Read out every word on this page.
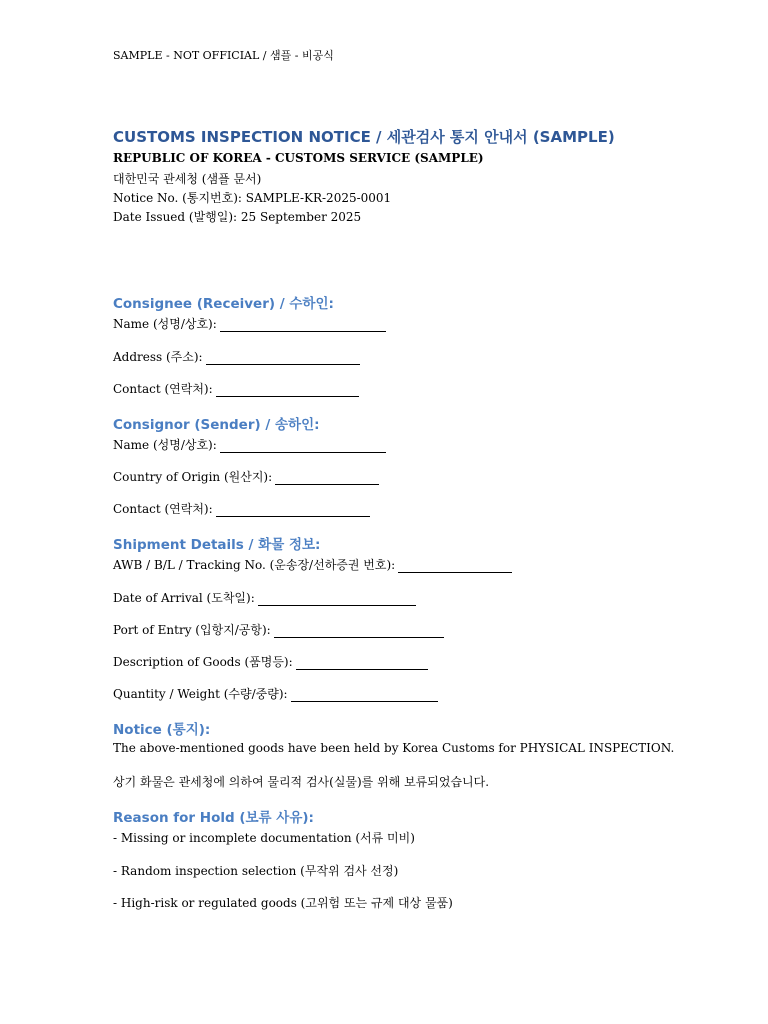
SAMPLE - NOT OFFICIAL / 샘플 - 비공식
CUSTOMS INSPECTION NOTICE / 세관검사 통지 안내서 (SAMPLE)
REPUBLIC OF KOREA - CUSTOMS SERVICE (SAMPLE)
대한민국 관세청 (샘플 문서)
Notice No. (통지번호): SAMPLE-KR-2025-0001
Date Issued (발행일): 25 September 2025
Consignee (Receiver) / 수하인:
Name (성명/상호):
Address (주소):
Contact (연락처):
Consignor (Sender) / 송하인:
Name (성명/상호):
Country of Origin (원산지):
Contact (연락처):
Shipment Details / 화물 정보:
AWB / B/L / Tracking No. (운송장/선하증권 번호):
Date of Arrival (도착일):
Port of Entry (입항지/공항):
Description of Goods (품명등):
Quantity / Weight (수량/중량):
Notice (통지):
The above-mentioned goods have been held by Korea Customs for PHYSICAL INSPECTION.
상기 화물은 관세청에 의하여 물리적 검사(실물)를 위해 보류되었습니다.
Reason for Hold (보류 사유):
- Missing or incomplete documentation (서류 미비)
- Random inspection selection (무작위 검사 선정)
- High-risk or regulated goods (고위험 또는 규제 대상 물품)
